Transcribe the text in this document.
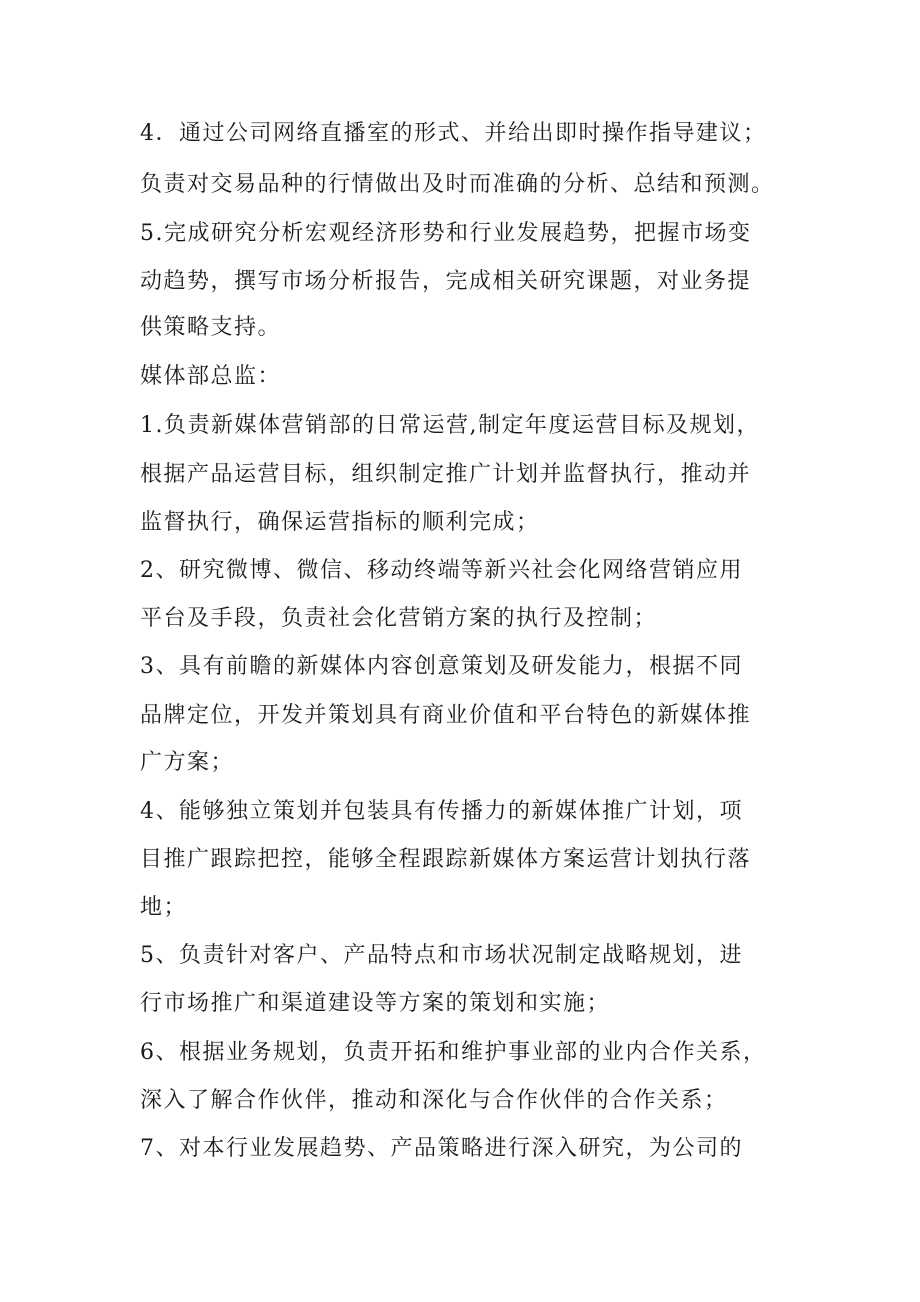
4．通过公司网络直播室的形式、并给出即时操作指导建议；

负责对交易品种的行情做出及时而准确的分析、总结和预测。

5.完成研究分析宏观经济形势和行业发展趋势，把握市场变

动趋势，撰写市场分析报告，完成相关研究课题，对业务提

供策略支持。

媒体部总监：

1.负责新媒体营销部的日常运营,制定年度运营目标及规划，

根据产品运营目标，组织制定推广计划并监督执行，推动并

监督执行，确保运营指标的顺利完成；

2、研究微博、微信、移动终端等新兴社会化网络营销应用

平台及手段，负责社会化营销方案的执行及控制；

3、具有前瞻的新媒体内容创意策划及研发能力，根据不同

品牌定位，开发并策划具有商业价值和平台特色的新媒体推

广方案；

4、能够独立策划并包装具有传播力的新媒体推广计划，项

目推广跟踪把控，能够全程跟踪新媒体方案运营计划执行落

地；

5、负责针对客户、产品特点和市场状况制定战略规划，进

行市场推广和渠道建设等方案的策划和实施；

6、根据业务规划，负责开拓和维护事业部的业内合作关系，

深入了解合作伙伴，推动和深化与合作伙伴的合作关系；

7、对本行业发展趋势、产品策略进行深入研究，为公司的
